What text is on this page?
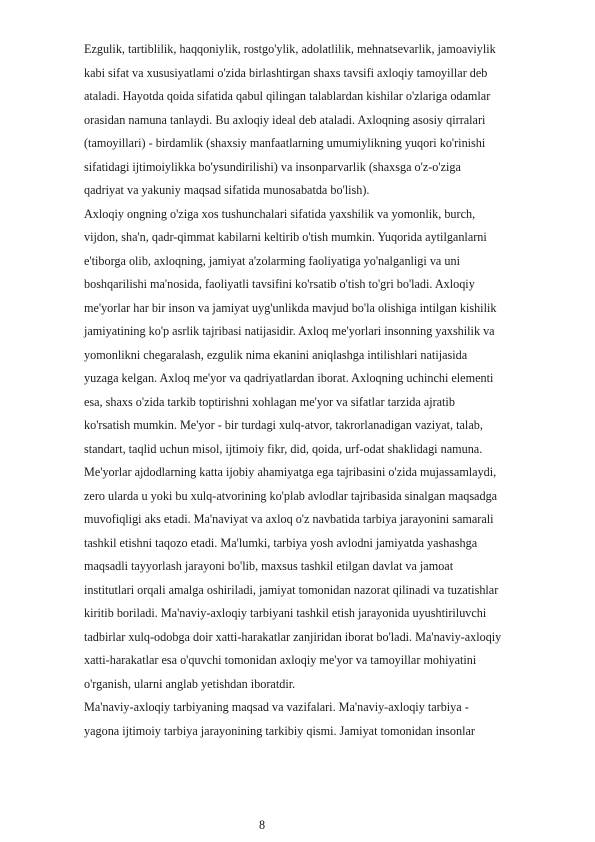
Ezgulik, tartiblilik, haqqoniylik, rostgo'ylik, adolatlilik, mehnatsevarlik, jamoaviylik
kabi sifat va xususiyatlami o'zida birlashtirgan shaxs tavsifi axloqiy tamoyillar deb
ataladi. Hayotda qoida sifatida qabul qilingan talablardan kishilar o'zlariga odamlar
orasidan namuna tanlaydi. Bu axloqiy ideal deb ataladi. Axloqning asosiy qirralari
(tamoyillari) - birdamlik (shaxsiy manfaatlarning umumiylikning yuqori ko'rinishi
sifatidagi ijtimoiylikka bo'ysundirilishi) va insonparvarlik (shaxsga o'z-o'ziga
qadriyat va yakuniy maqsad sifatida munosabatda bo'lish).
Axloqiy ongning o'ziga xos tushunchalari sifatida yaxshilik va yomonlik, burch,
vijdon, sha'n, qadr-qimmat kabilarni keltirib o'tish mumkin. Yuqorida aytilganlarni
e'tiborga olib, axloqning, jamiyat a'zolarming faoliyatiga yo'nalganligi va uni
boshqarilishi ma'nosida, faoliyatli tavsifini ko'rsatib o'tish to'gri bo'ladi. Axloqiy
me'yorlar har bir inson va jamiyat uyg'unlikda mavjud bo'la olishiga intilgan kishilik
jamiyatining ko'p asrlik tajribasi natijasidir. Axloq me'yorlari insonning yaxshilik va
yomonlikni chegaralash, ezgulik nima ekanini aniqlashga intilishlari natijasida
yuzaga kelgan. Axloq me'yor va qadriyatlardan iborat. Axloqning uchinchi elementi
esa, shaxs o'zida tarkib toptirishni xohlagan me'yor va sifatlar tarzida ajratib
ko'rsatish mumkin. Me'yor - bir turdagi xulq-atvor, takrorlanadigan vaziyat, talab,
standart, taqlid uchun misol, ijtimoiy fikr, did, qoida, urf-odat shaklidagi namuna.
Me'yorlar ajdodlarning katta ijobiy ahamiyatga ega tajribasini o'zida mujassamlaydi,
zero ularda u yoki bu xulq-atvorining ko'plab avlodlar tajribasida sinalgan maqsadga
muvofiqligi aks etadi. Ma'naviyat va axloq o'z navbatida tarbiya jarayonini samarali
tashkil etishni taqozo etadi. Ma'lumki, tarbiya yosh avlodni jamiyatda yashashga
maqsadli tayyorlash jarayoni bo'lib, maxsus tashkil etilgan davlat va jamoat
institutlari orqali amalga oshiriladi, jamiyat tomonidan nazorat qilinadi va tuzatishlar
kiritib boriladi. Ma'naviy-axloqiy tarbiyani tashkil etish jarayonida uyushtiriluvchi
tadbirlar xulq-odobga doir xatti-harakatlar zanjiridan iborat bo'ladi. Ma'naviy-axloqiy
xatti-harakatlar esa o'quvchi tomonidan axloqiy me'yor va tamoyillar mohiyatini
o'rganish, ularni anglab yetishdan iboratdir.
Ma'naviy-axloqiy tarbiyaning maqsad va vazifalari. Ma'naviy-axloqiy tarbiya -
yagona ijtimoiy tarbiya jarayonining tarkibiy qismi. Jamiyat tomonidan insonlar
8
